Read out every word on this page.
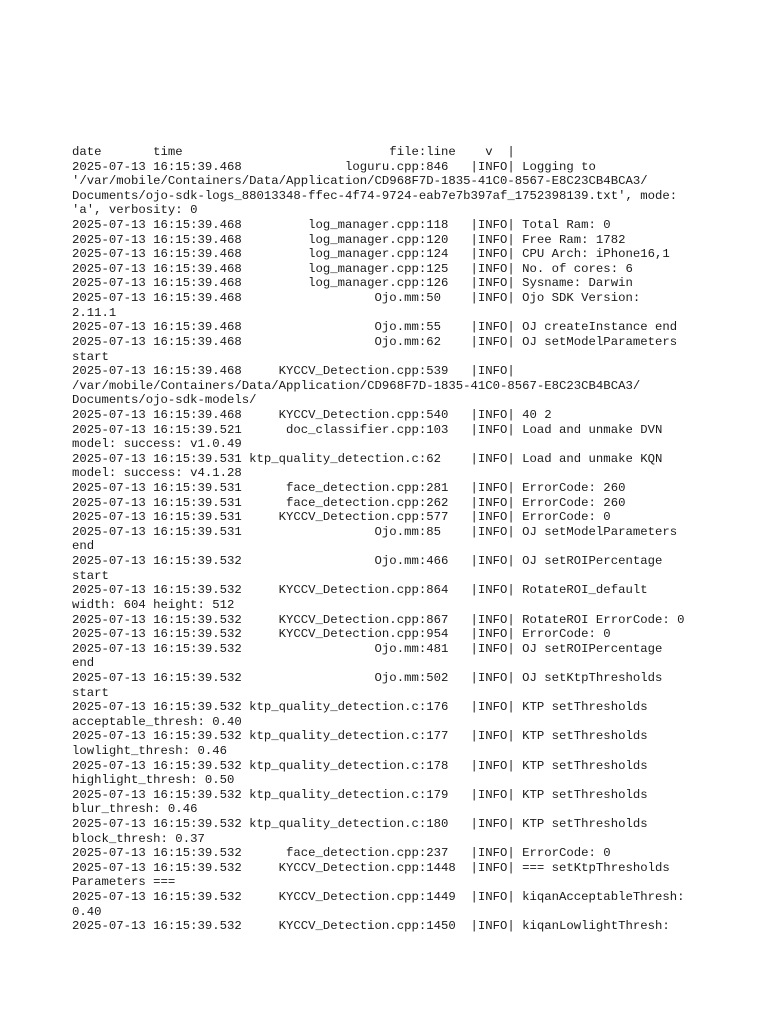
date       time                            file:line    v  |
2025-07-13 16:15:39.468              loguru.cpp:846   |INFO| Logging to
'/var/mobile/Containers/Data/Application/CD968F7D-1835-41C0-8567-E8C23CB4BCA3/
Documents/ojo-sdk-logs_88013348-ffec-4f74-9724-eab7e7b397af_1752398139.txt', mode:
'a', verbosity: 0
2025-07-13 16:15:39.468         log_manager.cpp:118   |INFO| Total Ram: 0
2025-07-13 16:15:39.468         log_manager.cpp:120   |INFO| Free Ram: 1782
2025-07-13 16:15:39.468         log_manager.cpp:124   |INFO| CPU Arch: iPhone16,1
2025-07-13 16:15:39.468         log_manager.cpp:125   |INFO| No. of cores: 6
2025-07-13 16:15:39.468         log_manager.cpp:126   |INFO| Sysname: Darwin
2025-07-13 16:15:39.468                  Ojo.mm:50    |INFO| Ojo SDK Version:
2.11.1
2025-07-13 16:15:39.468                  Ojo.mm:55    |INFO| OJ createInstance end
2025-07-13 16:15:39.468                  Ojo.mm:62    |INFO| OJ setModelParameters
start
2025-07-13 16:15:39.468     KYCCV_Detection.cpp:539   |INFO|
/var/mobile/Containers/Data/Application/CD968F7D-1835-41C0-8567-E8C23CB4BCA3/
Documents/ojo-sdk-models/
2025-07-13 16:15:39.468     KYCCV_Detection.cpp:540   |INFO| 40 2
2025-07-13 16:15:39.521      doc_classifier.cpp:103   |INFO| Load and unmake DVN
model: success: v1.0.49
2025-07-13 16:15:39.531 ktp_quality_detection.c:62    |INFO| Load and unmake KQN
model: success: v4.1.28
2025-07-13 16:15:39.531      face_detection.cpp:281   |INFO| ErrorCode: 260
2025-07-13 16:15:39.531      face_detection.cpp:262   |INFO| ErrorCode: 260
2025-07-13 16:15:39.531     KYCCV_Detection.cpp:577   |INFO| ErrorCode: 0
2025-07-13 16:15:39.531                  Ojo.mm:85    |INFO| OJ setModelParameters
end
2025-07-13 16:15:39.532                  Ojo.mm:466   |INFO| OJ setROIPercentage
start
2025-07-13 16:15:39.532     KYCCV_Detection.cpp:864   |INFO| RotateROI_default
width: 604 height: 512
2025-07-13 16:15:39.532     KYCCV_Detection.cpp:867   |INFO| RotateROI ErrorCode: 0
2025-07-13 16:15:39.532     KYCCV_Detection.cpp:954   |INFO| ErrorCode: 0
2025-07-13 16:15:39.532                  Ojo.mm:481   |INFO| OJ setROIPercentage
end
2025-07-13 16:15:39.532                  Ojo.mm:502   |INFO| OJ setKtpThresholds
start
2025-07-13 16:15:39.532 ktp_quality_detection.c:176   |INFO| KTP setThresholds
acceptable_thresh: 0.40
2025-07-13 16:15:39.532 ktp_quality_detection.c:177   |INFO| KTP setThresholds
lowlight_thresh: 0.46
2025-07-13 16:15:39.532 ktp_quality_detection.c:178   |INFO| KTP setThresholds
highlight_thresh: 0.50
2025-07-13 16:15:39.532 ktp_quality_detection.c:179   |INFO| KTP setThresholds
blur_thresh: 0.46
2025-07-13 16:15:39.532 ktp_quality_detection.c:180   |INFO| KTP setThresholds
block_thresh: 0.37
2025-07-13 16:15:39.532      face_detection.cpp:237   |INFO| ErrorCode: 0
2025-07-13 16:15:39.532     KYCCV_Detection.cpp:1448  |INFO| === setKtpThresholds
Parameters ===
2025-07-13 16:15:39.532     KYCCV_Detection.cpp:1449  |INFO| kiqanAcceptableThresh:
0.40
2025-07-13 16:15:39.532     KYCCV_Detection.cpp:1450  |INFO| kiqanLowlightThresh:
